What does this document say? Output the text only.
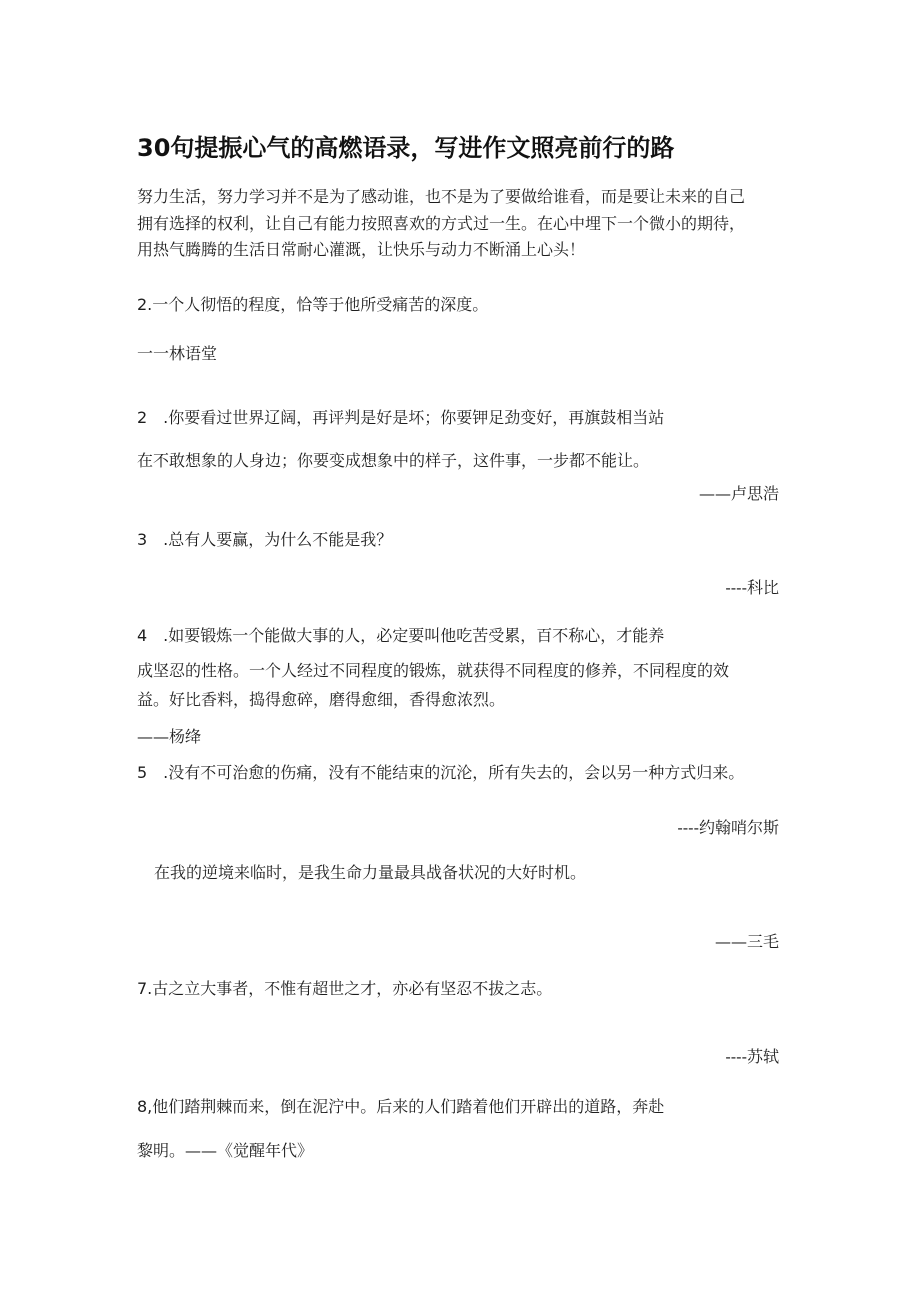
30句提振心气的高燃语录，写进作文照亮前行的路
努力生活，努力学习并不是为了感动谁，也不是为了要做给谁看，而是要让未来的自己
拥有选择的权利，让自己有能力按照喜欢的方式过一生。在心中埋下一个微小的期待，
用热气腾腾的生活日常耐心灌溉，让快乐与动力不断涌上心头！
2.一个人彻悟的程度，恰等于他所受痛苦的深度。
一一林语堂
2　.你要看过世界辽阔，再评判是好是坏；你要钾足劲变好，再旗鼓相当站
在不敢想象的人身边；你要变成想象中的样子，这件事，一步都不能让。
——卢思浩
3　.总有人要赢，为什么不能是我？
----科比
4　.如要锻炼一个能做大事的人，必定要叫他吃苦受累，百不称心，才能养
成坚忍的性格。一个人经过不同程度的锻炼，就获得不同程度的修养，不同程度的效
益。好比香料，捣得愈碎，磨得愈细，香得愈浓烈。
——杨绛
5　.没有不可治愈的伤痛，没有不能结束的沉沦，所有失去的，会以另一种方式归来。
----约翰哨尔斯
在我的逆境来临时，是我生命力量最具战备状况的大好时机。
——三毛
7.古之立大事者，不惟有超世之才，亦必有坚忍不拔之志。
----苏轼
8,他们踏荆棘而来，倒在泥泞中。后来的人们踏着他们开辟出的道路，奔赴
黎明。——《觉醒年代》
